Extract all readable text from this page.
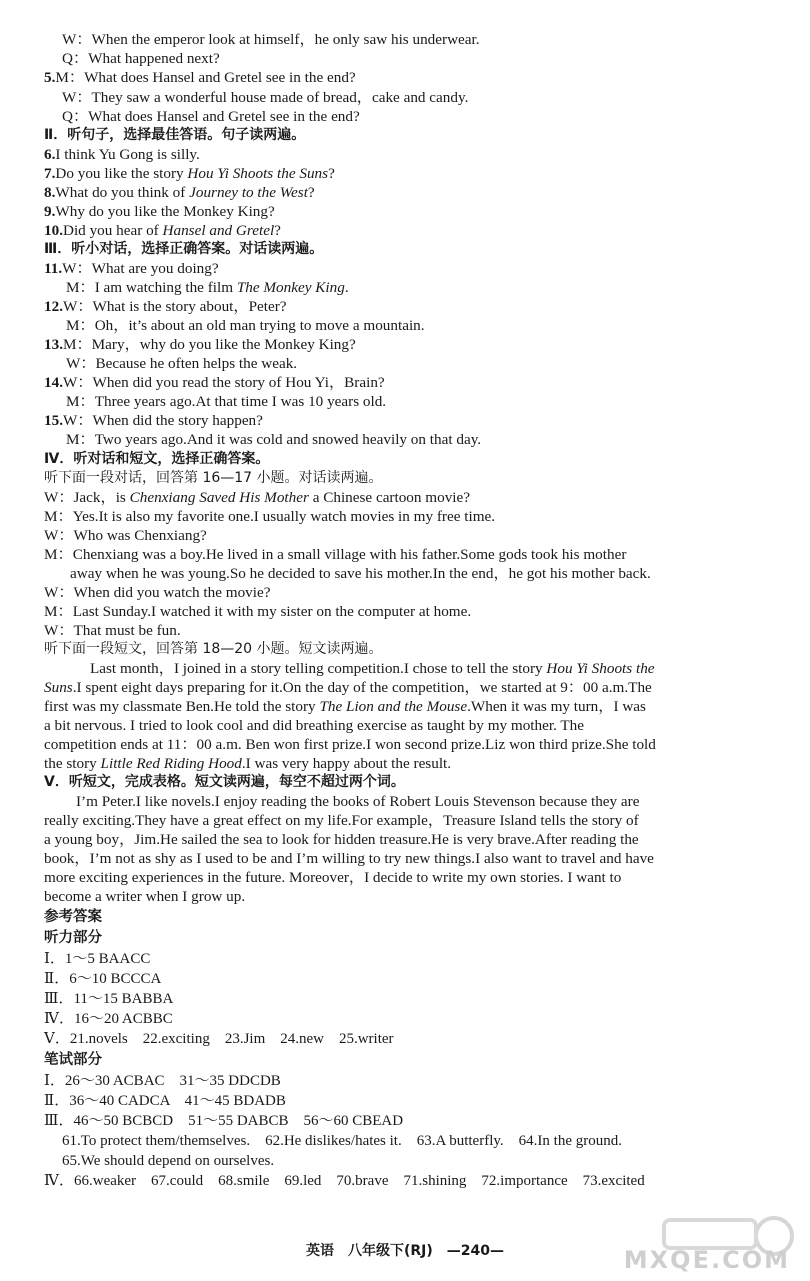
W：When the emperor look at himself，he only saw his underwear.
Q：What happened next?
5.M：What does Hansel and Gretel see in the end?
W：They saw a wonderful house made of bread，cake and candy.
Q：What does Hansel and Gretel see in the end?
Ⅱ．听句子，选择最佳答语。句子读两遍。
6.I think Yu Gong is silly.
7.Do you like the story Hou Yi Shoots the Suns?
8.What do you think of Journey to the West?
9.Why do you like the Monkey King?
10.Did you hear of Hansel and Gretel?
Ⅲ．听小对话，选择正确答案。对话读两遍。
11.W：What are you doing?
M：I am watching the film The Monkey King.
12.W：What is the story about，Peter?
M：Oh，it’s about an old man trying to move a mountain.
13.M：Mary，why do you like the Monkey King?
W：Because he often helps the weak.
14.W：When did you read the story of Hou Yi，Brain?
M：Three years ago.At that time I was 10 years old.
15.W：When did the story happen?
M：Two years ago.And it was cold and snowed heavily on that day.
Ⅳ．听对话和短文，选择正确答案。
听下面一段对话，回答第 16—17 小题。对话读两遍。
W：Jack，is Chenxiang Saved His Mother a Chinese cartoon movie?
M：Yes.It is also my favorite one.I usually watch movies in my free time.
W：Who was Chenxiang?
M：Chenxiang was a boy.He lived in a small village with his father.Some gods took his mother
away when he was young.So he decided to save his mother.In the end，he got his mother back.
W：When did you watch the movie?
M：Last Sunday.I watched it with my sister on the computer at home.
W：That must be fun.
听下面一段短文，回答第 18—20 小题。短文读两遍。
Last month，I joined in a story telling competition.I chose to tell the story Hou Yi Shoots the
Suns.I spent eight days preparing for it.On the day of the competition，we started at 9：00 a.m.The
first was my classmate Ben.He told the story The Lion and the Mouse.When it was my turn，I was
a bit nervous. I tried to look cool and did breathing exercise as taught by my mother. The
competition ends at 11：00 a.m. Ben won first prize.I won second prize.Liz won third prize.She told
the story Little Red Riding Hood.I was very happy about the result.
Ⅴ．听短文，完成表格。短文读两遍，每空不超过两个词。
I’m Peter.I like novels.I enjoy reading the books of Robert Louis Stevenson because they are
really exciting.They have a great effect on my life.For example，Treasure Island tells the story of
a young boy，Jim.He sailed the sea to look for hidden treasure.He is very brave.After reading the
book，I’m not as shy as I used to be and I’m willing to try new things.I also want to travel and have
more exciting experiences in the future. Moreover，I decide to write my own stories. I want to
become a writer when I grow up.
参考答案
听力部分
Ⅰ．1～5 BAACC
Ⅱ．6～10 BCCCA
Ⅲ．11～15 BABBA
Ⅳ．16～20 ACBBC
Ⅴ．21.novels　22.exciting　23.Jim　24.new　25.writer
笔试部分
Ⅰ．26～30 ACBAC　31～35 DDCDB
Ⅱ．36～40 CADCA　41～45 BDADB
Ⅲ．46～50 BCBCD　51～55 DABCB　56～60 CBEAD
61.To protect them/themselves.　62.He dislikes/hates it.　63.A butterfly.　64.In the ground.
65.We should depend on ourselves.
Ⅳ．66.weaker　67.could　68.smile　69.led　70.brave　71.shining　72.importance　73.excited
英语　八年级下(RJ)　—240—	MXQE.COM
